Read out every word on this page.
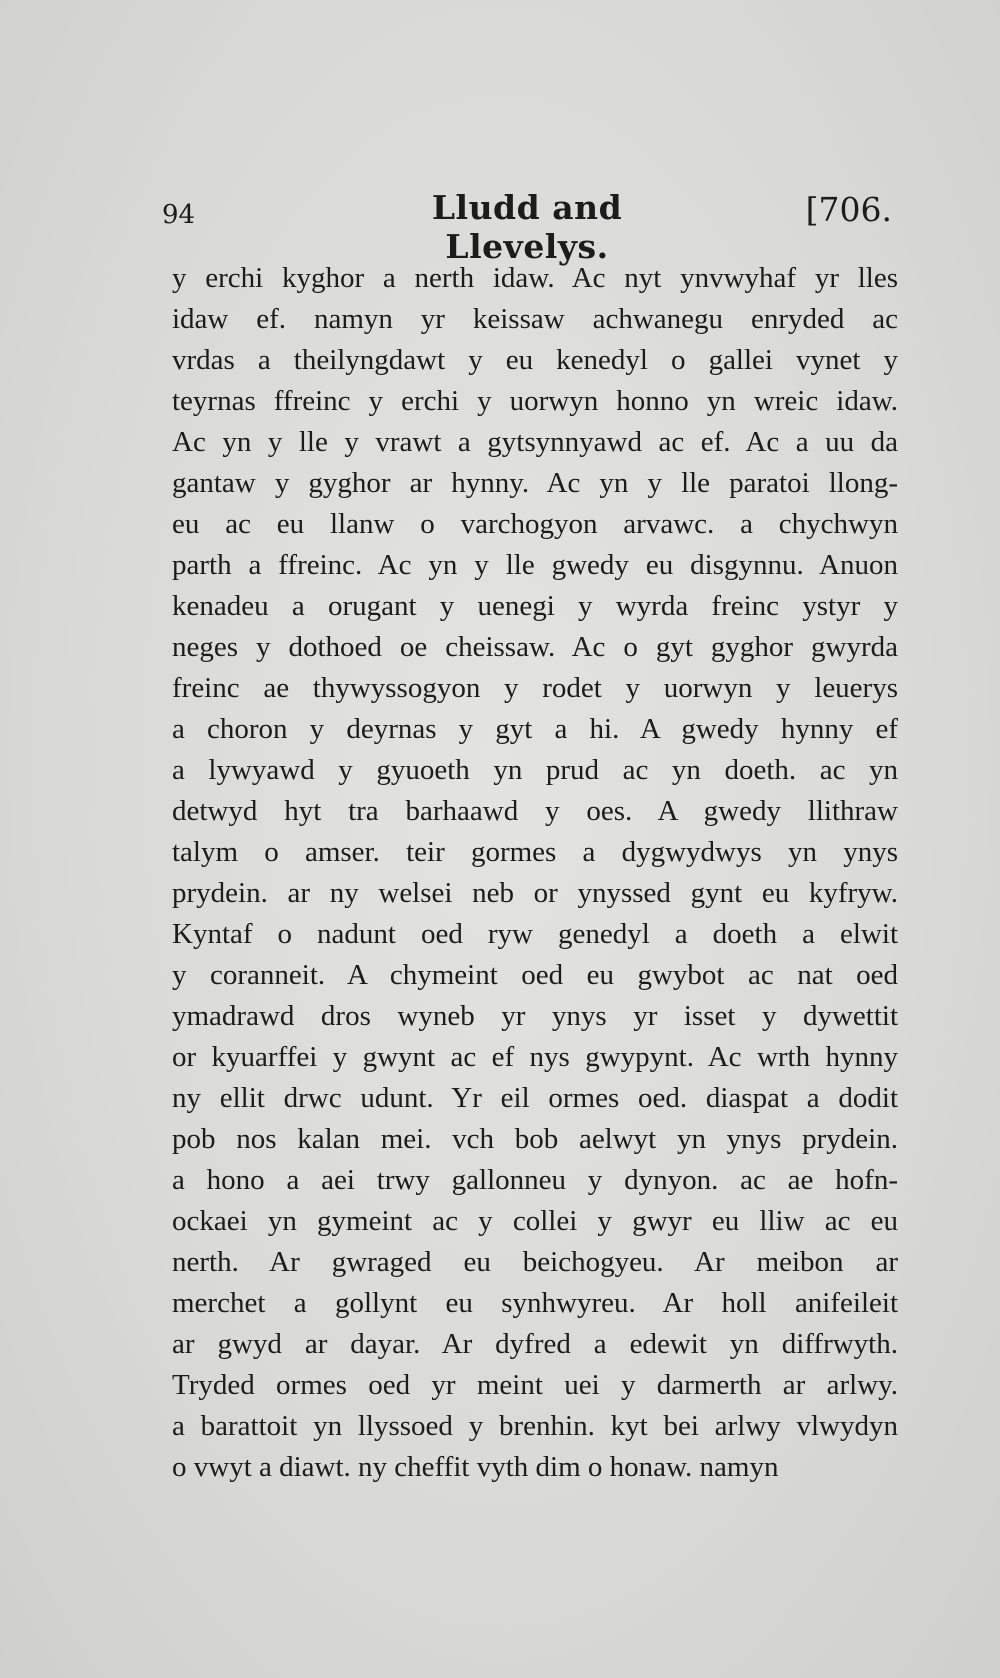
94	Lludd and Llevelys.
[706.
y erchi kyghor a nerth idaw. Ac nyt ynvwyhaf yr lles
idaw ef. namyn yr keissaw achwanegu enryded ac
vrdas a theilyngdawt y eu kenedyl o gallei vynet y
teyrnas ffreinc y erchi y uorwyn honno yn wreic idaw.
Ac yn y lle y vrawt a gytsynnyawd ac ef. Ac a uu da
gantaw y gyghor ar hynny. Ac yn y lle paratoi llong-
eu ac eu llanw o varchogyon arvawc. a chychwyn
parth a ffreinc. Ac yn y lle gwedy eu disgynnu. Anuon
kenadeu a orugant y uenegi y wyrda freinc ystyr y
neges y dothoed oe cheissaw. Ac o gyt gyghor gwyrda
freinc ae thywyssogyon y rodet y uorwyn y leuerys
a choron y deyrnas y gyt a hi. A gwedy hynny ef
a lywyawd y gyuoeth yn prud ac yn doeth. ac yn
detwyd hyt tra barhaawd y oes. A gwedy llithraw
talym o amser. teir gormes a dygwydwys yn ynys
prydein. ar ny welsei neb or ynyssed gynt eu kyfryw.
Kyntaf o nadunt oed ryw genedyl a doeth a elwit
y coranneit. A chymeint oed eu gwybot ac nat oed
ymadrawd dros wyneb yr ynys yr isset y dywettit
or kyuarffei y gwynt ac ef nys gwypynt. Ac wrth hynny
ny ellit drwc udunt. Yr eil ormes oed. diaspat a dodit
pob nos kalan mei. vch bob aelwyt yn ynys prydein.
a hono a aei trwy gallonneu y dynyon. ac ae hofn-
ockaei yn gymeint ac y collei y gwyr eu lliw ac eu
nerth. Ar gwraged eu beichogyeu. Ar meibon ar
merchet a gollynt eu synhwyreu. Ar holl anifeileit
ar gwyd ar dayar. Ar dyfred a edewit yn diffrwyth.
Tryded ormes oed yr meint uei y darmerth ar arlwy.
a barattoit yn llyssoed y brenhin. kyt bei arlwy vlwydyn
o vwyt a diawt. ny cheffit vyth dim o honaw. namyn
